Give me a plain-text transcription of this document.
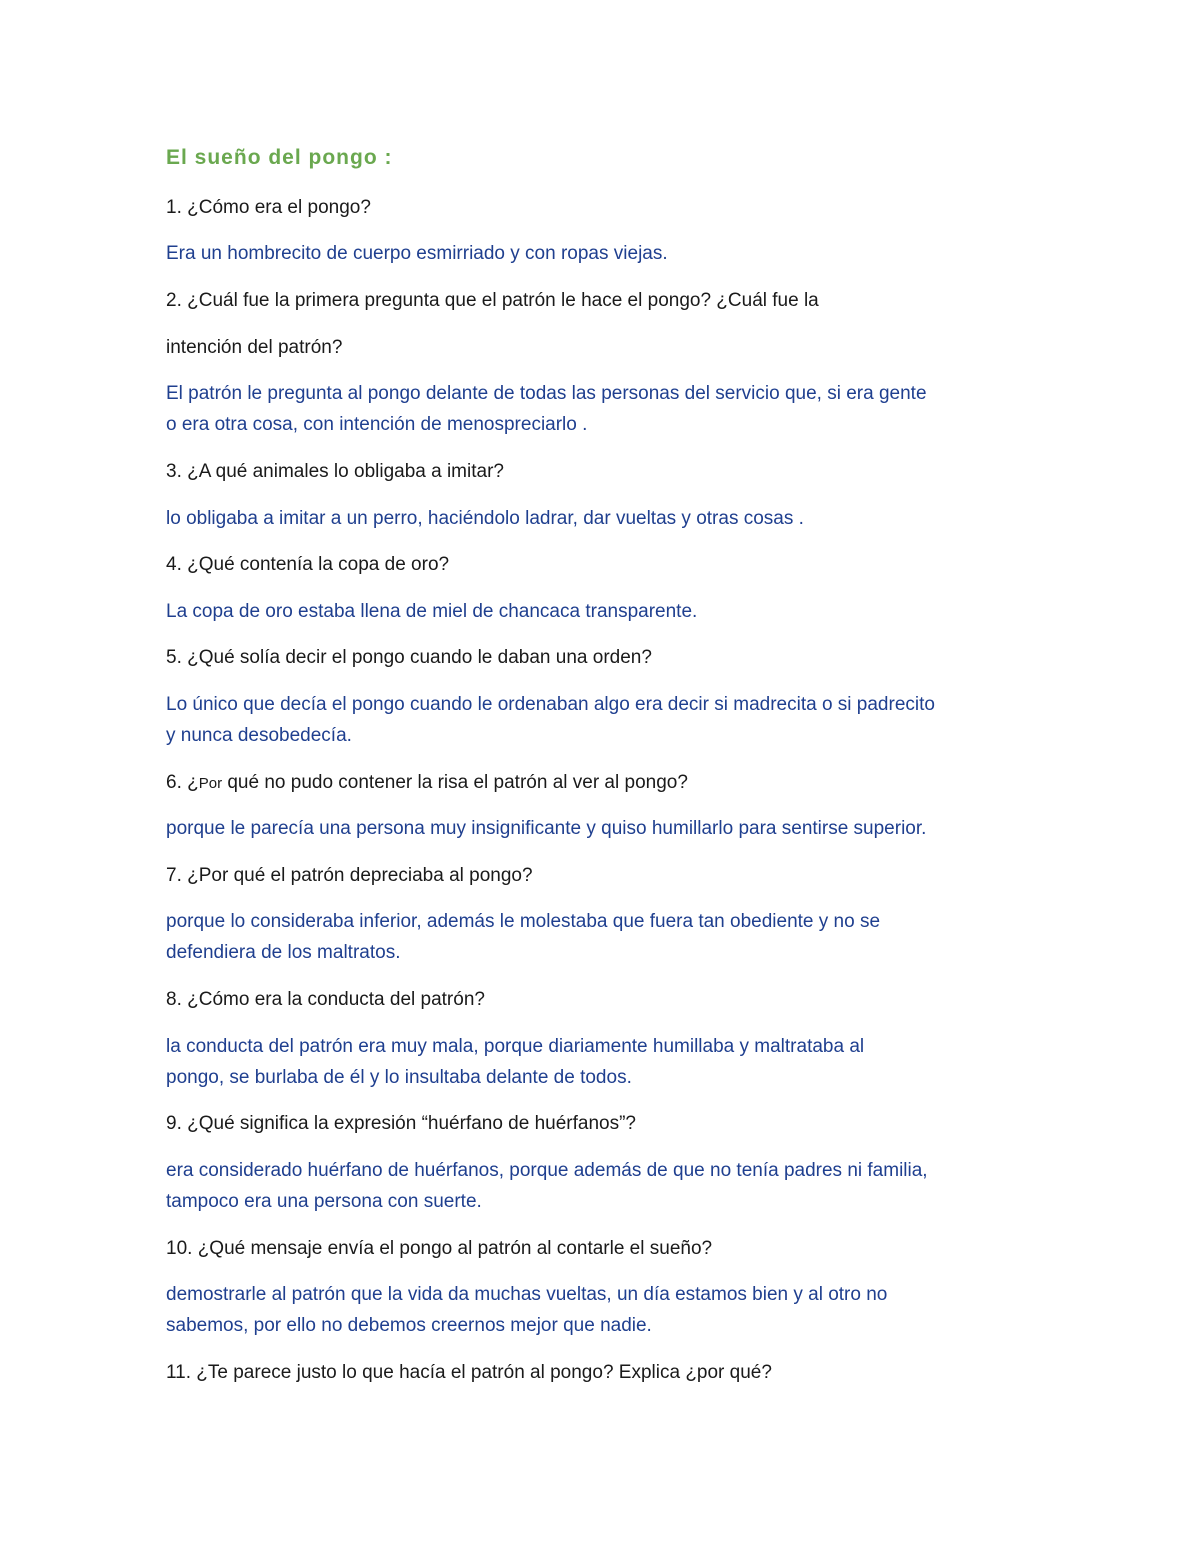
El sueño del pongo :
1. ¿Cómo era el pongo?
Era un hombrecito de cuerpo esmirriado y con ropas viejas.
2. ¿Cuál fue la primera pregunta que el patrón le hace el pongo? ¿Cuál fue la
intención del patrón?
El patrón le pregunta al pongo delante de todas las personas del servicio que, si era gente
o era otra cosa, con intención de menospreciarlo .
3. ¿A qué animales lo obligaba a imitar?
lo obligaba a imitar a un perro, haciéndolo ladrar, dar vueltas y otras cosas .
4. ¿Qué contenía la copa de oro?
La copa de oro estaba llena de miel de chancaca transparente.
5. ¿Qué solía decir el pongo cuando le daban una orden?
Lo único que decía el pongo cuando le ordenaban algo era decir si madrecita o si padrecito
y nunca desobedecía.
6. ¿Por qué no pudo contener la risa el patrón al ver al pongo?
porque le parecía una persona muy insignificante y quiso humillarlo para sentirse superior.
7. ¿Por qué el patrón depreciaba al pongo?
porque lo consideraba inferior, además le molestaba que fuera tan obediente y no se
defendiera de los maltratos.
8. ¿Cómo era la conducta del patrón?
la conducta del patrón era muy mala, porque diariamente humillaba y maltrataba al
pongo, se burlaba de él y lo insultaba delante de todos.
9. ¿Qué significa la expresión “huérfano de huérfanos”?
era considerado huérfano de huérfanos, porque además de que no tenía padres ni familia,
tampoco era una persona con suerte.
10. ¿Qué mensaje envía el pongo al patrón al contarle el sueño?
demostrarle al patrón que la vida da muchas vueltas, un día estamos bien y al otro no
sabemos, por ello no debemos creernos mejor que nadie.
11. ¿Te parece justo lo que hacía el patrón al pongo? Explica ¿por qué?
